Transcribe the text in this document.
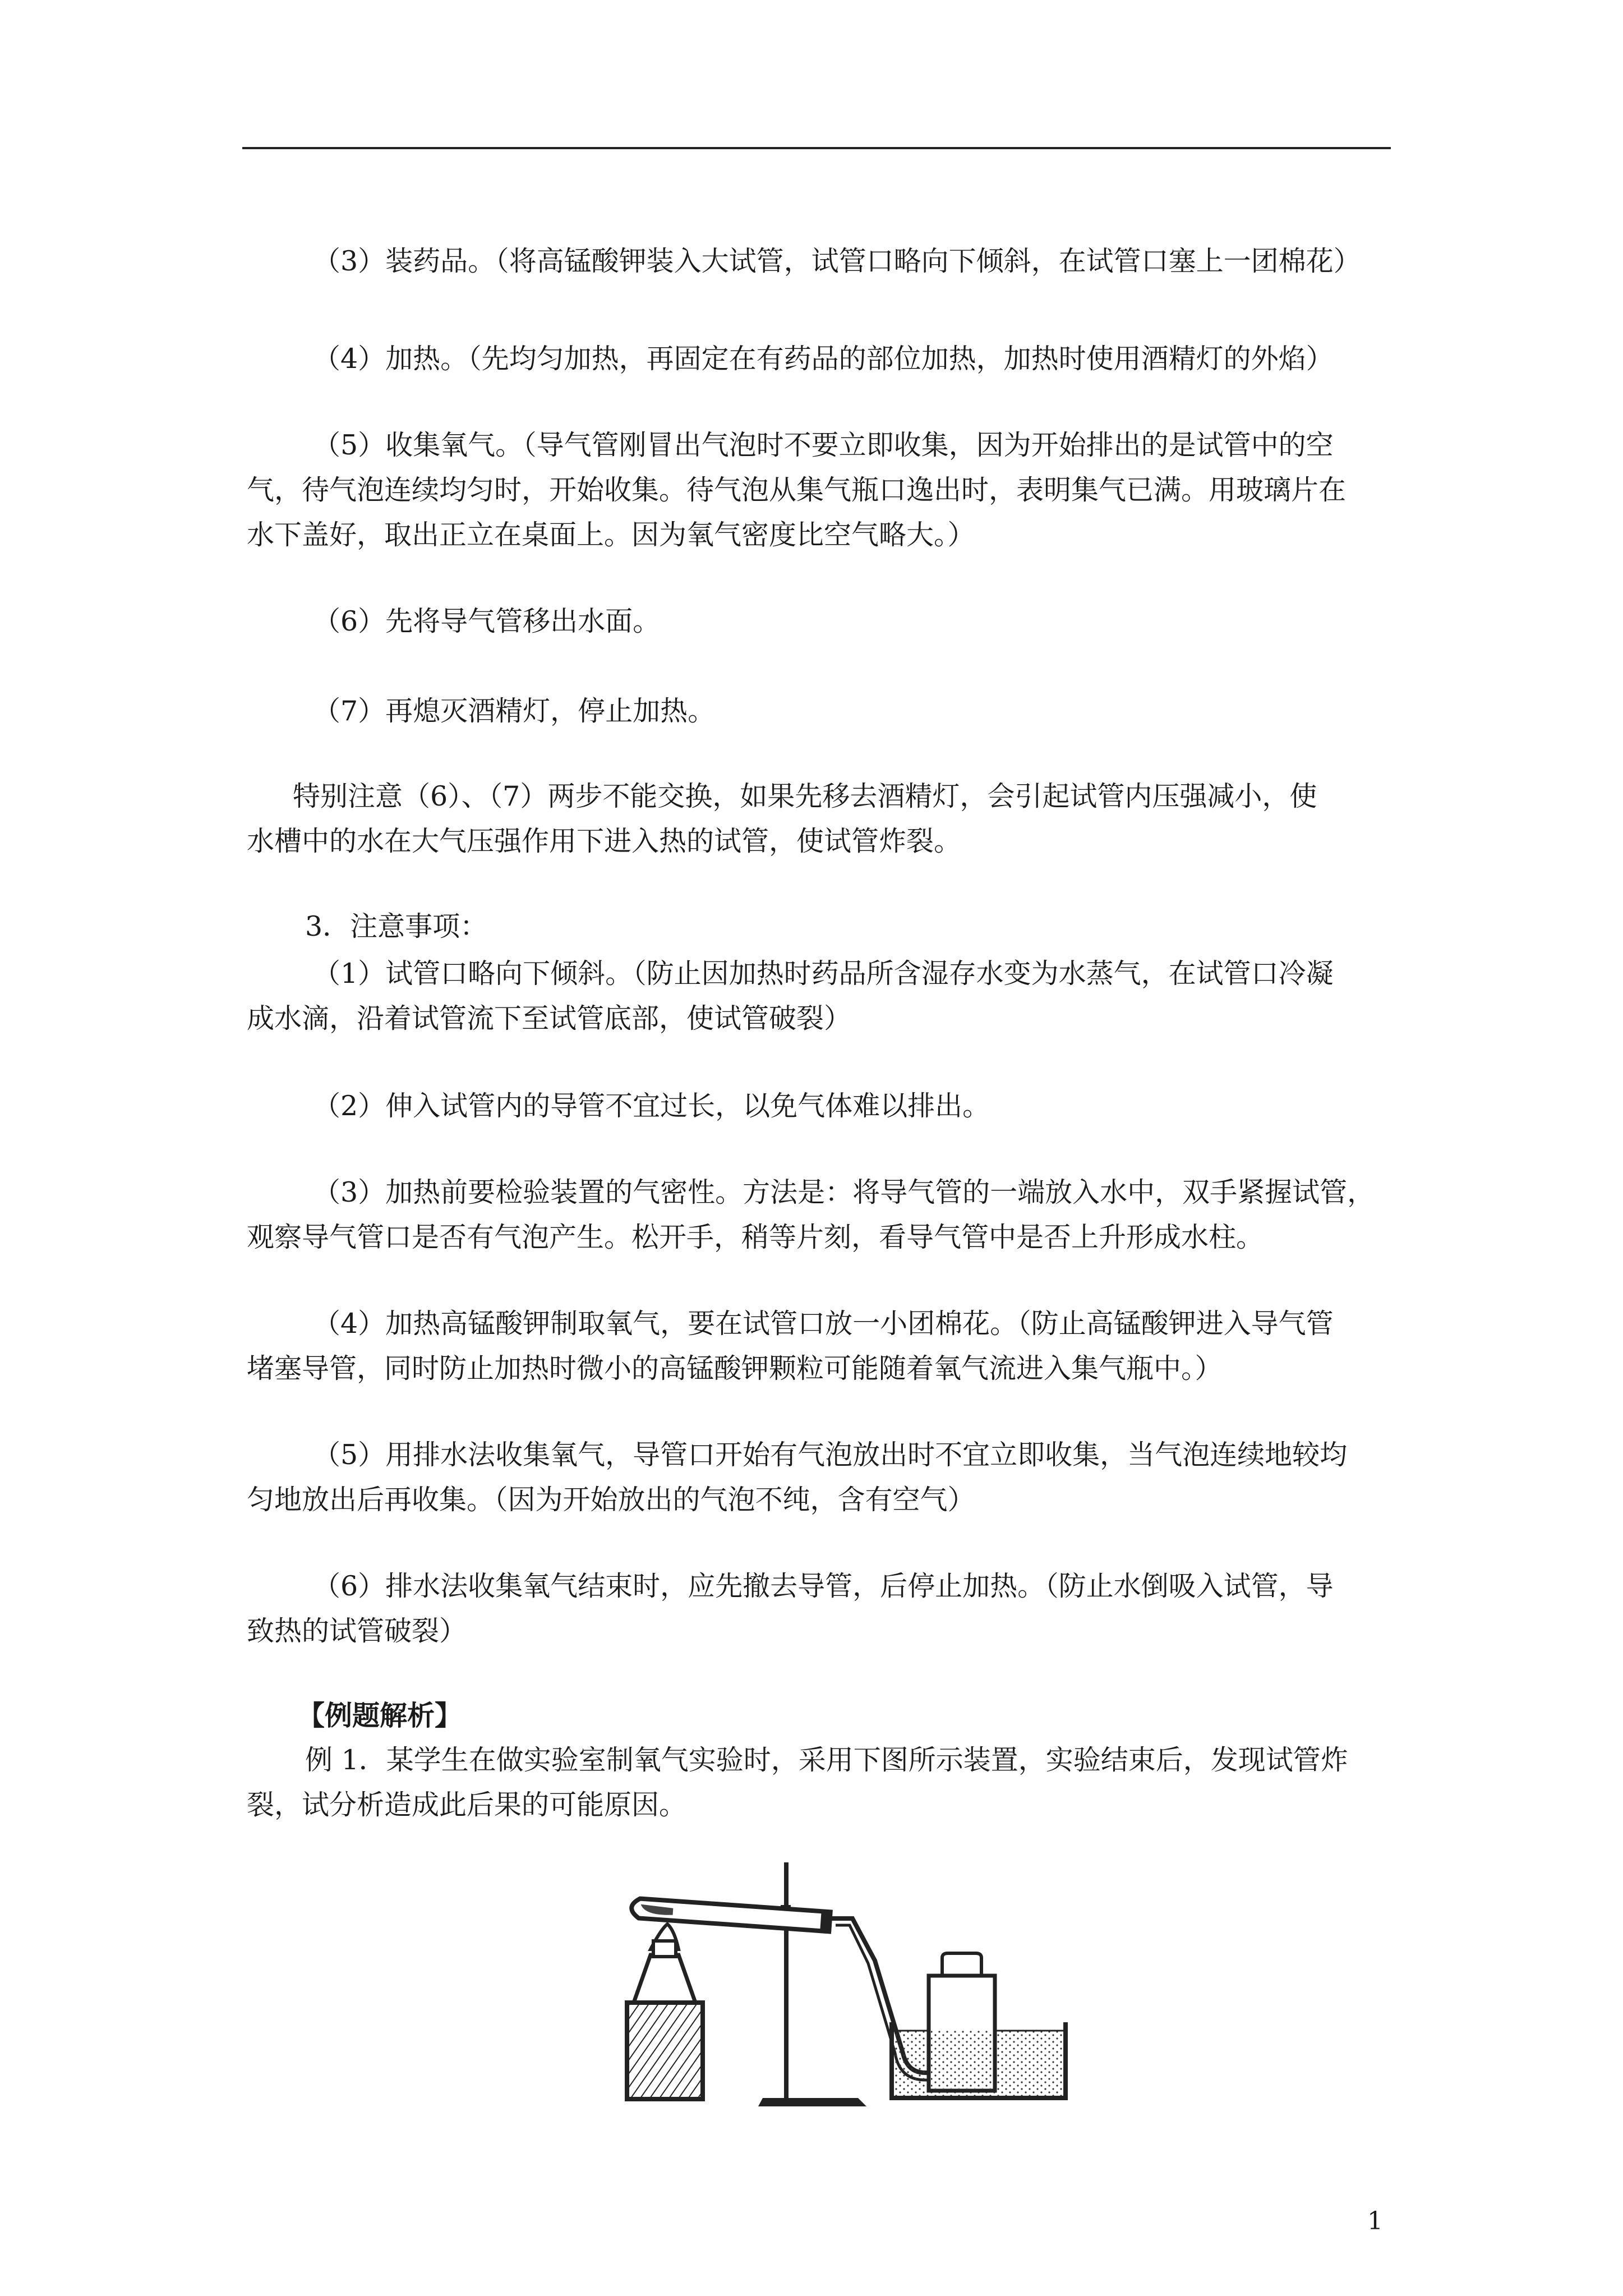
（3）装药品。（将高锰酸钾装入大试管，试管口略向下倾斜，在试管口塞上一团棉花）
（4）加热。（先均匀加热，再固定在有药品的部位加热，加热时使用酒精灯的外焰）
（5）收集氧气。（导气管刚冒出气泡时不要立即收集，因为开始排出的是试管中的空
气，待气泡连续均匀时，开始收集。待气泡从集气瓶口逸出时，表明集气已满。用玻璃片在
水下盖好，取出正立在桌面上。因为氧气密度比空气略大。）
（6）先将导气管移出水面。
（7）再熄灭酒精灯，停止加热。
特别注意（6）、（7）两步不能交换，如果先移去酒精灯，会引起试管内压强减小，使
水槽中的水在大气压强作用下进入热的试管，使试管炸裂。
3．注意事项：
（1）试管口略向下倾斜。（防止因加热时药品所含湿存水变为水蒸气，在试管口冷凝
成水滴，沿着试管流下至试管底部，使试管破裂）
（2）伸入试管内的导管不宜过长，以免气体难以排出。
（3）加热前要检验装置的气密性。方法是：将导气管的一端放入水中，双手紧握试管，
观察导气管口是否有气泡产生。松开手，稍等片刻，看导气管中是否上升形成水柱。
（4）加热高锰酸钾制取氧气，要在试管口放一小团棉花。（防止高锰酸钾进入导气管
堵塞导管，同时防止加热时微小的高锰酸钾颗粒可能随着氧气流进入集气瓶中。）
（5）用排水法收集氧气，导管口开始有气泡放出时不宜立即收集，当气泡连续地较均
匀地放出后再收集。（因为开始放出的气泡不纯，含有空气）
（6）排水法收集氧气结束时，应先撤去导管，后停止加热。（防止水倒吸入试管，导
致热的试管破裂）
【例题解析】
例 1．某学生在做实验室制氧气实验时，采用下图所示装置，实验结束后，发现试管炸
裂，试分析造成此后果的可能原因。
1
